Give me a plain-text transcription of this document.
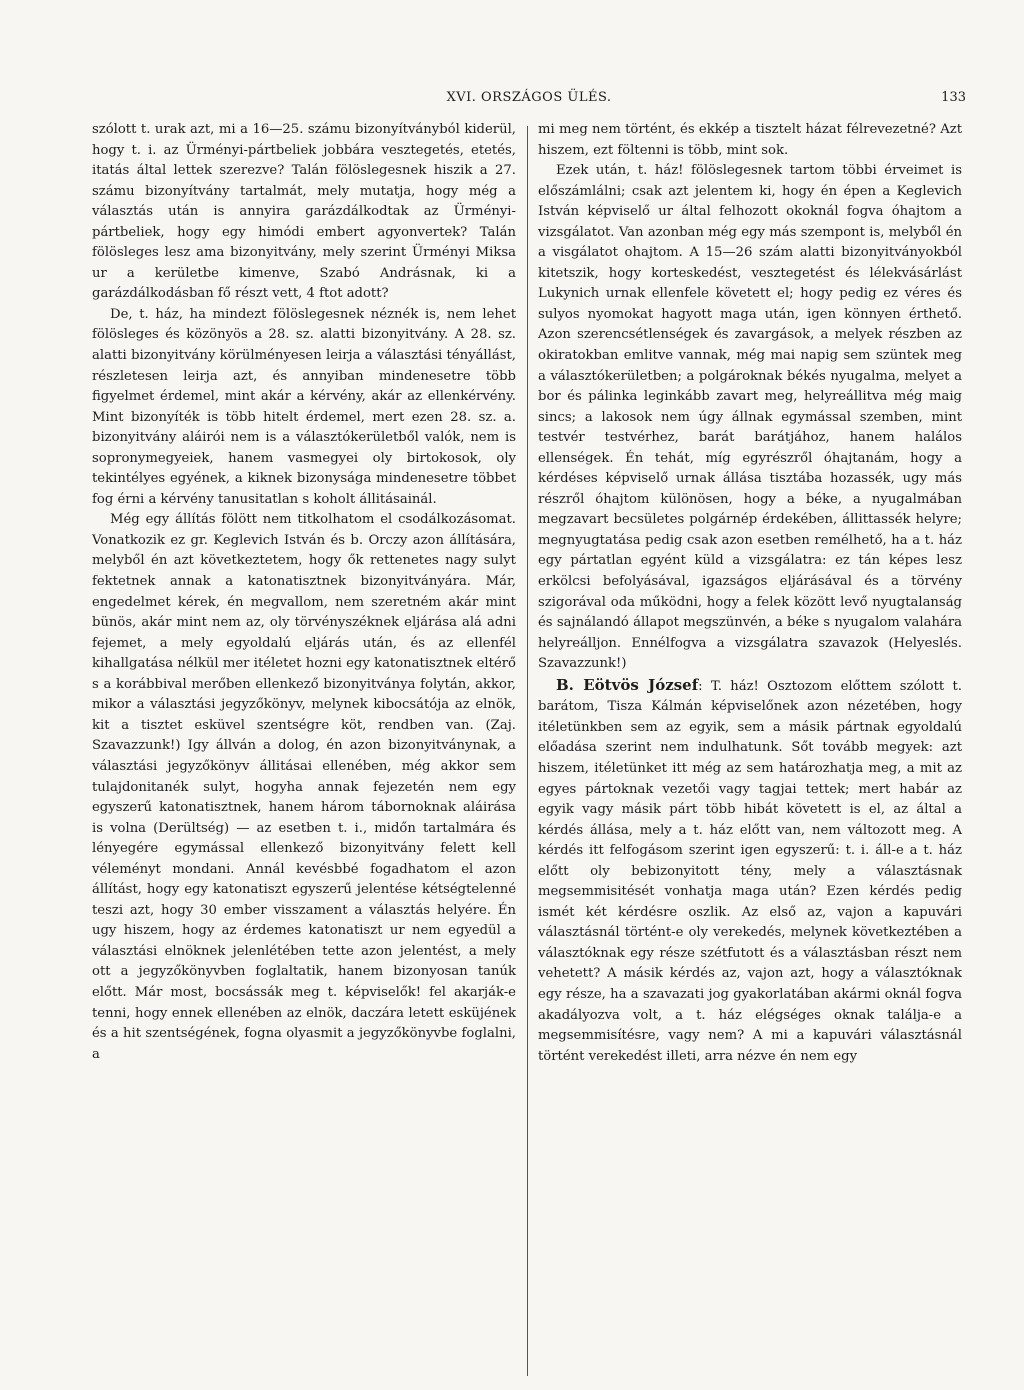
XVI. ORSZÁGOS ÜLÉS.	133

szólott t. urak azt, mi a 16—25. számu bizonyítványból kiderül, hogy t. i. az Ürményi-pártbeliek jobbára vesztegetés, etetés, itatás által lettek szerezve? Talán fölöslegesnek hiszik a 27. számu bizonyítvány tartalmát, mely mutatja, hogy még a választás után is annyira garázdálkodtak az Ürményi-pártbeliek, hogy egy himódi embert agyonvertek? Talán fölösleges lesz ama bizonyitvány, mely szerint Ürményi Miksa ur a kerületbe kimenve, Szabó Andrásnak, ki a garázdálkodásban fő részt vett, 4 ftot adott?

De, t. ház, ha mindezt fölöslegesnek néznék is, nem lehet fölösleges és közönyös a 28. sz. alatti bizonyitvány. A 28. sz. alatti bizonyitvány körülményesen leirja a választási tényállást, részletesen leirja azt, és annyiban mindenesetre több figyelmet érdemel, mint akár a kérvény, akár az ellenkérvény. Mint bizonyíték is több hitelt érdemel, mert ezen 28. sz. a. bizonyitvány aláirói nem is a választókerületből valók, nem is sopronymegyeiek, hanem vasmegyei oly birtokosok, oly tekintélyes egyének, a kiknek bizonysága mindenesetre többet fog érni a kérvény tanusitatlan s koholt állitásainál.

Még egy állítás fölött nem titkolhatom el csodálkozásomat. Vonatkozik ez gr. Keglevich István és b. Orczy azon állítására, melyből én azt következtetem, hogy ők rettenetes nagy sulyt fektetnek annak a katonatisztnek bizonyitványára. Már, engedelmet kérek, én megvallom, nem szeretném akár mint bünös, akár mint nem az, oly törvényszéknek eljárása alá adni fejemet, a mely egyoldalú eljárás után, és az ellenfél kihallgatása nélkül mer itéletet hozni egy katonatisztnek eltérő s a korábbival merőben ellenkező bizonyitványa folytán, akkor, mikor a választási jegyzőkönyv, melynek kibocsátója az elnök, kit a tisztet esküvel szentségre köt, rendben van. (Zaj. Szavazzunk!) Igy állván a dolog, én azon bizonyitványnak, a választási jegyzőkönyv állitásai ellenében, még akkor sem tulajdonitanék sulyt, hogyha annak fejezetén nem egy egyszerű katonatisztnek, hanem három tábornoknak aláirása is volna (Derültség) — az esetben t. i., midőn tartalmára és lényegére egymással ellenkező bizonyitvány felett kell véleményt mondani. Annál kevésbbé fogadhatom el azon állítást, hogy egy katonatiszt egyszerű jelentése kétségtelenné teszi azt, hogy 30 ember visszament a választás helyére. Én ugy hiszem, hogy az érdemes katonatiszt ur nem egyedül a választási elnöknek jelenlétében tette azon jelentést, a mely ott a jegyzőkönyvben foglaltatik, hanem bizonyosan tanúk előtt. Már most, bocsássák meg t. képviselők! fel akarják-e tenni, hogy ennek ellenében az elnök, daczára letett esküjének és a hit szentségének, fogna olyasmit a jegyzőkönyvbe foglalni, a

mi meg nem történt, és ekkép a tisztelt házat félrevezetné? Azt hiszem, ezt föltenni is több, mint sok.

Ezek után, t. ház! fölöslegesnek tartom többi érveimet is előszámlálni; csak azt jelentem ki, hogy én épen a Keglevich István képviselő ur által felhozott okoknál fogva óhajtom a vizsgálatot. Van azonban még egy más szempont is, melyből én a visgálatot ohajtom. A 15—26 szám alatti bizonyitványokból kitetszik, hogy korteskedést, vesztegetést és lélekvásárlást Lukynich urnak ellenfele követett el; hogy pedig ez véres és sulyos nyomokat hagyott maga után, igen könnyen érthető. Azon szerencsétlenségek és zavargások, a melyek részben az okiratokban emlitve vannak, még mai napig sem szüntek meg a választókerületben; a polgároknak békés nyugalma, melyet a bor és pálinka leginkább zavart meg, helyreállitva még maig sincs; a lakosok nem úgy állnak egymással szemben, mint testvér testvérhez, barát barátjához, hanem halálos ellenségek. Én tehát, míg egyrészről óhajtanám, hogy a kérdéses képviselő urnak állása tisztába hozassék, ugy más részről óhajtom különösen, hogy a béke, a nyugalmában megzavart becsületes polgárnép érdekében, állittassék helyre; megnyugtatása pedig csak azon esetben remélhető, ha a t. ház egy pártatlan egyént küld a vizsgálatra: ez tán képes lesz erkölcsi befolyásával, igazságos eljárásával és a törvény szigorával oda működni, hogy a felek között levő nyugtalanság és sajnálandó állapot megszünvén, a béke s nyugalom valahára helyreálljon. Ennélfogva a vizsgálatra szavazok (Helyeslés. Szavazzunk!)

B. Eötvös József: T. ház! Osztozom előttem szólott t. barátom, Tisza Kálmán képviselőnek azon nézetében, hogy itéletünkben sem az egyik, sem a másik pártnak egyoldalú előadása szerint nem indulhatunk. Sőt tovább megyek: azt hiszem, itéletünket itt még az sem határozhatja meg, a mit az egyes pártoknak vezetői vagy tagjai tettek; mert habár az egyik vagy másik párt több hibát követett is el, az által a kérdés állása, mely a t. ház előtt van, nem változott meg. A kérdés itt felfogásom szerint igen egyszerű: t. i. áll-e a t. ház előtt oly bebizonyitott tény, mely a választásnak megsemmisitését vonhatja maga után? Ezen kérdés pedig ismét két kérdésre oszlik. Az első az, vajon a kapuvári választásnál történt-e oly verekedés, melynek következtében a választóknak egy része szétfutott és a választásban részt nem vehetett? A másik kérdés az, vajon azt, hogy a választóknak egy része, ha a szavazati jog gyakorlatában akármi oknál fogva akadályozva volt, a t. ház elégséges oknak találja-e a megsemmisítésre, vagy nem? A mi a kapuvári választásnál történt verekedést illeti, arra nézve én nem egy
